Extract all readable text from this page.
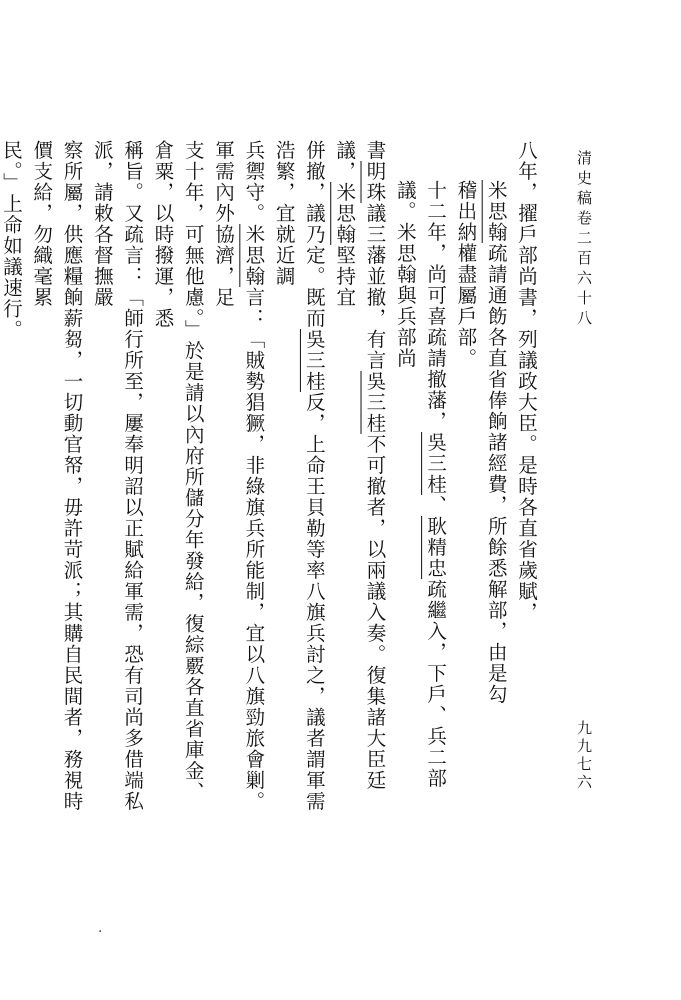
清史稿卷二百六十八
八年，擢戶部尚書，列議政大臣。是時各直省歲賦，
米思翰疏請通飭各直省俸餉諸經費，所餘悉解部，由是勾
稽出納權盡屬戶部。
十二年，尚可喜疏請撤藩，吳三桂、耿精忠疏繼入，下戶、兵二部議。米思翰與兵部尚
書明珠議三藩並撤，有言吳三桂不可撤者，以兩議入奏。復集諸大臣廷議，米思翰堅持宜
併撤，議乃定。既而吳三桂反，上命王貝勒等率八旗兵討之，議者謂軍需浩繁，宜就近調
兵禦守。米思翰言：「賊勢猖獗，非綠旗兵所能制，宜以八旗勁旅會剿。軍需內外協濟，足
支十年，可無他慮。」於是請以內府所儲分年發給，復綜覈各直省庫金、倉粟，以時撥運，悉
稱旨。又疏言：「師行所至，屢奉明詔以正賦給軍需，恐有司尚多借端私派，請敕各督撫嚴
察所屬，供應糧餉薪芻，一切動官帑，毋許苛派；其購自民間者，務視時價支給，勿織毫累
民。」上命如議速行。
九九七六
·
